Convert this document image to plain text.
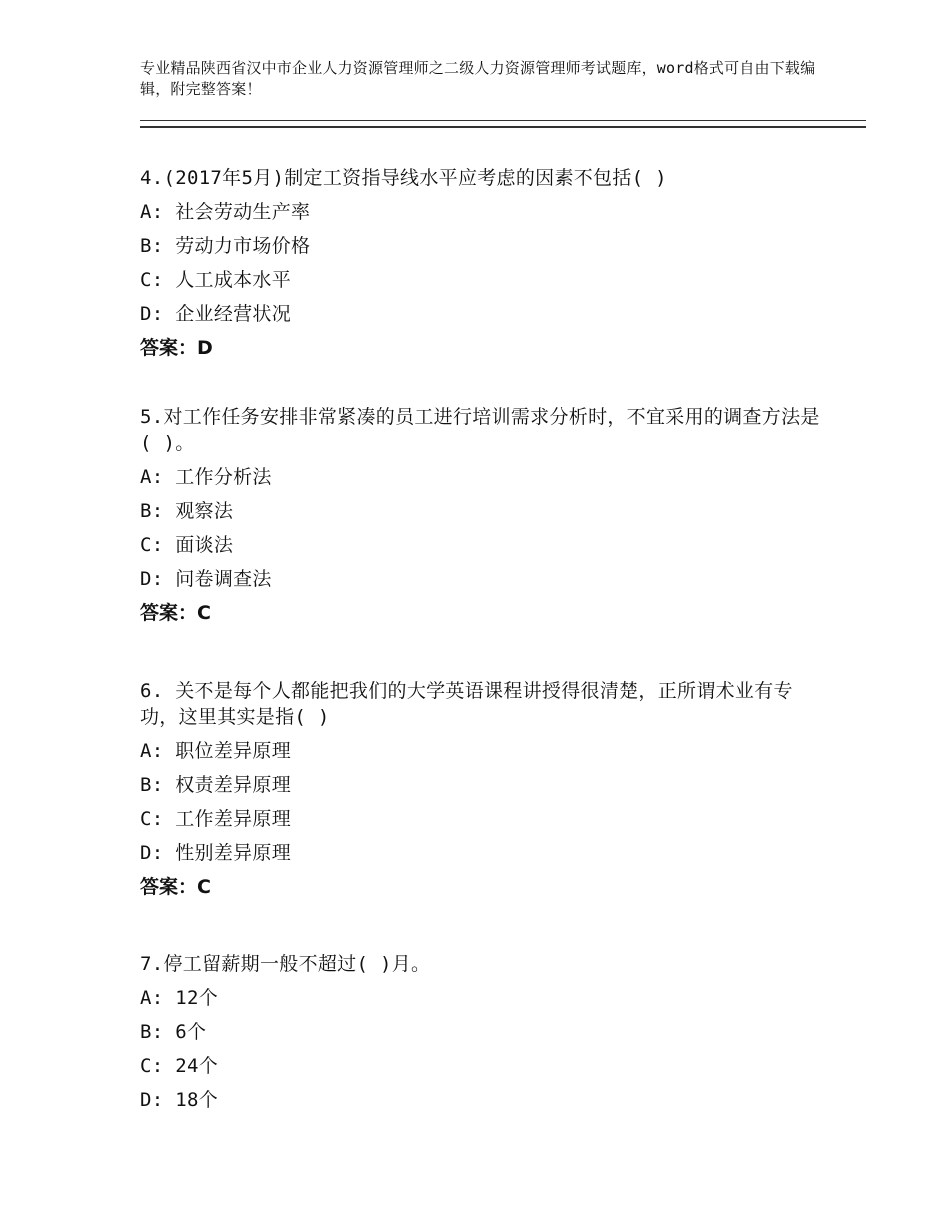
专业精品陕西省汉中市企业人力资源管理师之二级人力资源管理师考试题库，word格式可自由下载编辑，附完整答案！
4.(2017年5月)制定工资指导线水平应考虑的因素不包括( )
A: 社会劳动生产率
B: 劳动力市场价格
C: 人工成本水平
D: 企业经营状况
答案：D
5.对工作任务安排非常紧凑的员工进行培训需求分析时，不宜采用的调查方法是( )。
A: 工作分析法
B: 观察法
C: 面谈法
D: 问卷调查法
答案：C
6. 关不是每个人都能把我们的大学英语课程讲授得很清楚，正所谓术业有专功，这里其实是指( )
A: 职位差异原理
B: 权责差异原理
C: 工作差异原理
D: 性别差异原理
答案：C
7.停工留薪期一般不超过( )月。
A: 12个
B: 6个
C: 24个
D: 18个
